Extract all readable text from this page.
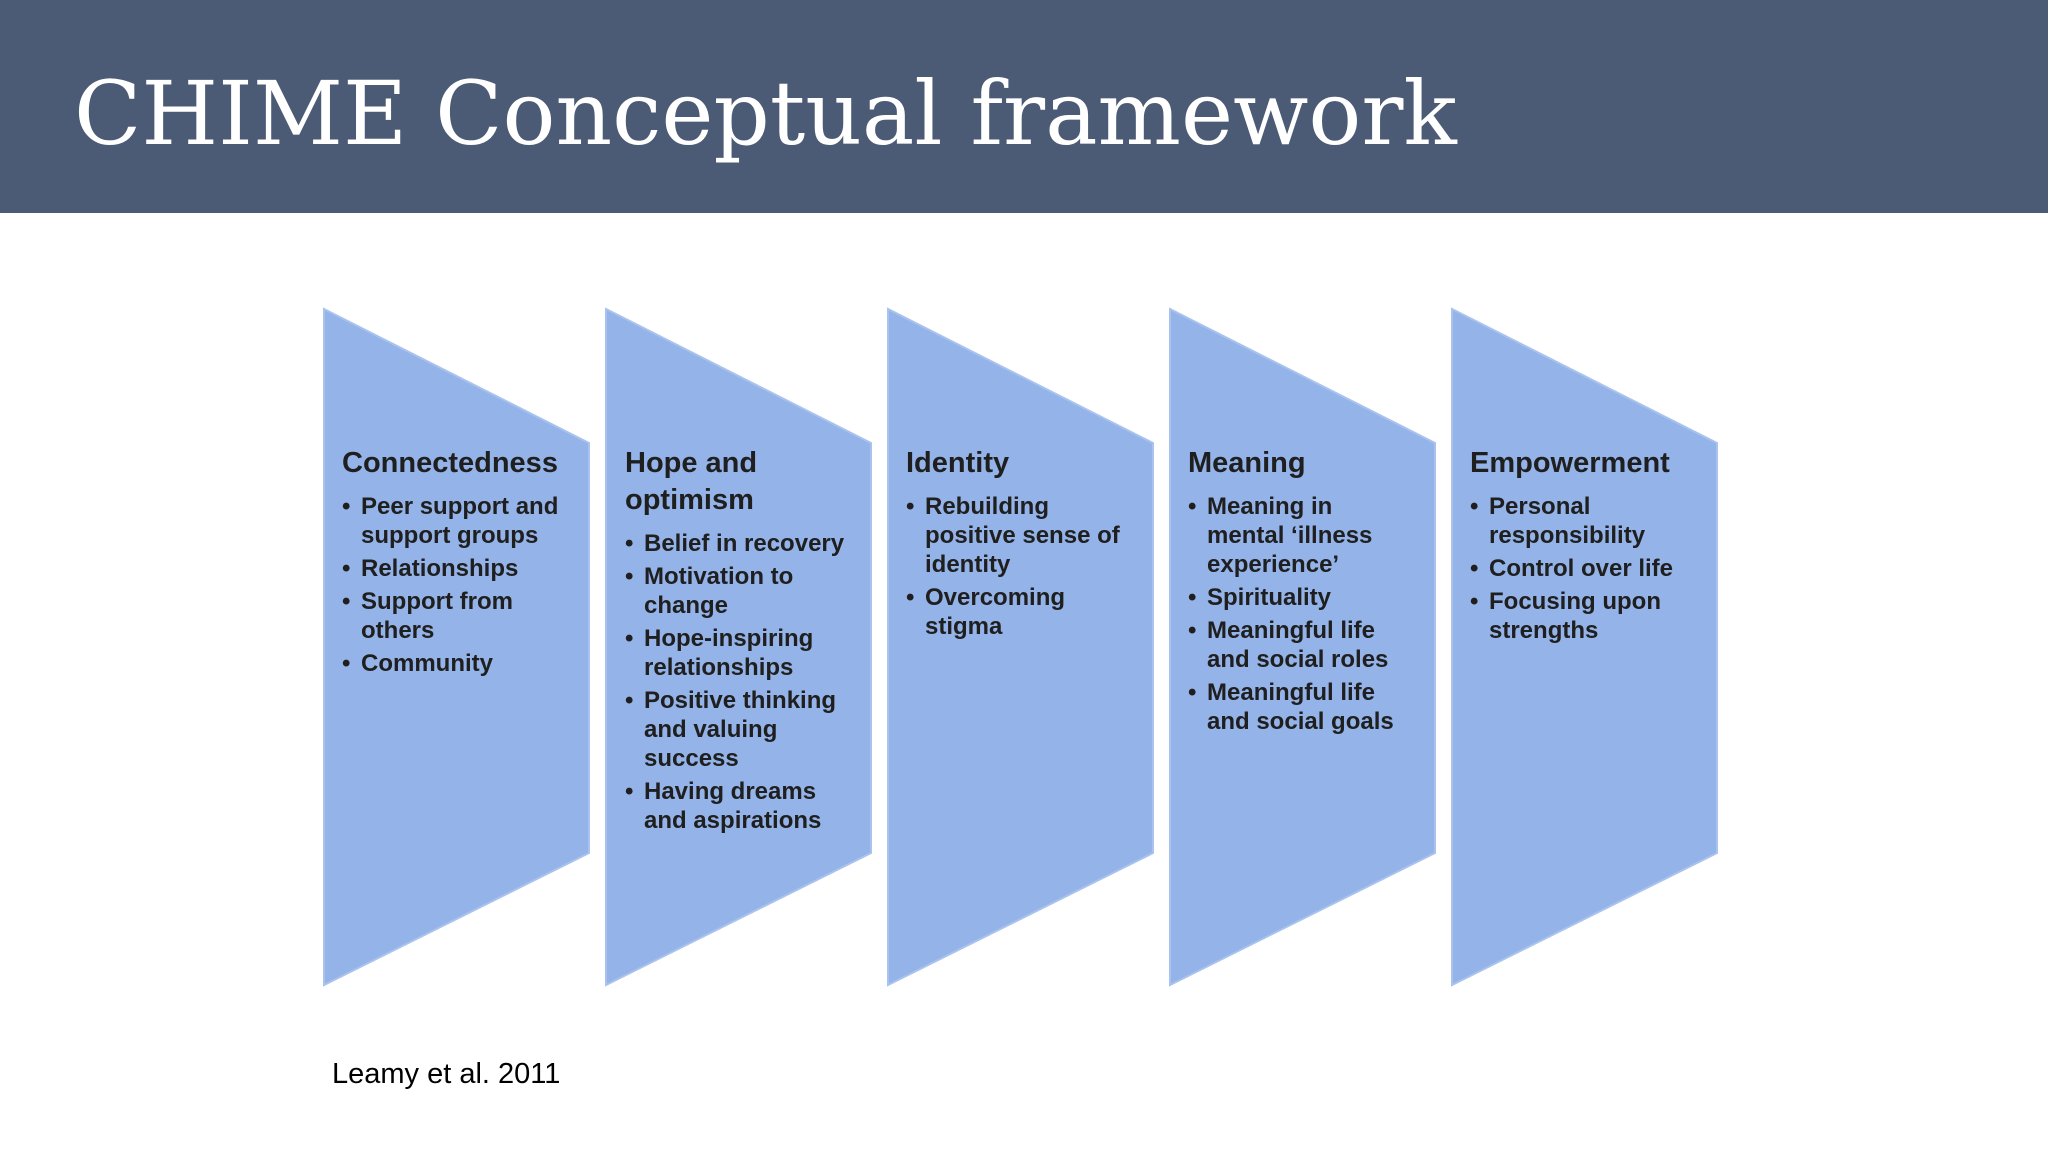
CHIME Conceptual framework
Connectedness
• Peer support and support groups
• Relationships
• Support from others
• Community
Hope and optimism
• Belief in recovery
• Motivation to change
• Hope-inspiring relationships
• Positive thinking and valuing success
• Having dreams and aspirations
Identity
• Rebuilding positive sense of identity
• Overcoming stigma
Meaning
• Meaning in mental ‘illness experience’
• Spirituality
• Meaningful life and social roles
• Meaningful life and social goals
Empowerment
• Personal responsibility
• Control over life
• Focusing upon strengths
Leamy et al. 2011
